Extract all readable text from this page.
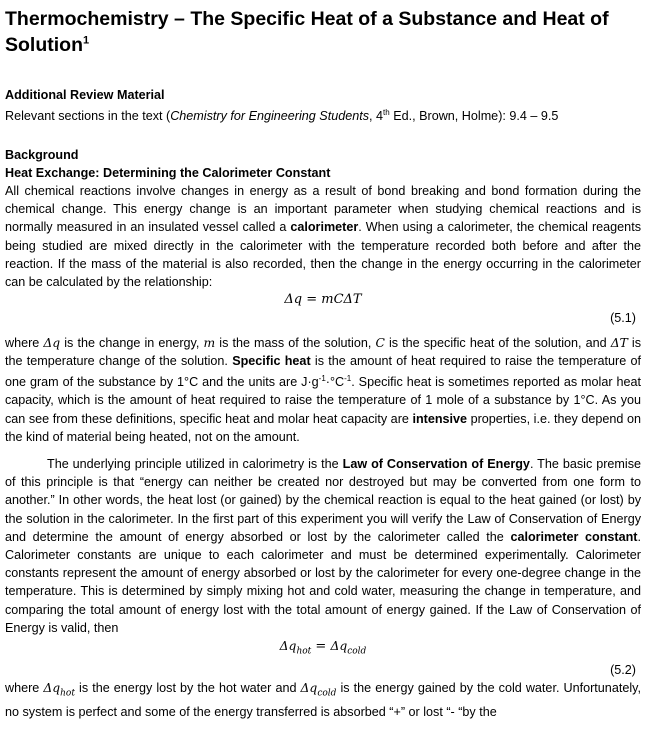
Thermochemistry – The Specific Heat of a Substance and Heat of Solution$^1$
Additional Review Material

Relevant sections in the text (Chemistry for Engineering Students, 4th Ed., Brown, Holme): 9.4 – 9.5

Background
Heat Exchange: Determining the Calorimeter Constant

All chemical reactions involve changes in energy as a result of bond breaking and bond formation during the chemical change. This energy change is an important parameter when studying chemical reactions and is normally measured in an insulated vessel called a calorimeter. When using a calorimeter, the chemical reagents being studied are mixed directly in the calorimeter with the temperature recorded both before and after the reaction. If the mass of the material is also recorded, then the change in the energy occurring in the calorimeter can be calculated by the relationship:

Δq = mCΔT
(5.1)

where Δq is the change in energy, m is the mass of the solution, C is the specific heat of the solution, and ΔT is the temperature change of the solution. Specific heat is the amount of heat required to raise the temperature of one gram of the substance by 1°C and the units are $J\cdot g^{-1}\cdot^\circ C^{-1}$. Specific heat is sometimes reported as molar heat capacity, which is the amount of heat required to raise the temperature of 1 mole of a substance by 1°C. As you can see from these definitions, specific heat and molar heat capacity are intensive properties, i.e. they depend on the kind of material being heated, not on the amount.

The underlying principle utilized in calorimetry is the Law of Conservation of Energy. The basic premise of this principle is that “energy can neither be created nor destroyed but may be converted from one form to another.” In other words, the heat lost (or gained) by the chemical reaction is equal to the heat gained (or lost) by the solution in the calorimeter. In the first part of this experiment you will verify the Law of Conservation of Energy and determine the amount of energy absorbed or lost by the calorimeter called the calorimeter constant. Calorimeter constants are unique to each calorimeter and must be determined experimentally. Calorimeter constants represent the amount of energy absorbed or lost by the calorimeter for every one-degree change in the temperature. This is determined by simply mixing hot and cold water, measuring the change in temperature, and comparing the total amount of energy lost with the total amount of energy gained. If the Law of Conservation of Energy is valid, then

$\Delta q_{hot} = \Delta q_{cold}$
(5.2)

where $\Delta q_{hot}$ is the energy lost by the hot water and $\Delta q_{cold}$ is the energy gained by the cold water. Unfortunately, no system is perfect and some of the energy transferred is absorbed “+” or lost “- “by the
